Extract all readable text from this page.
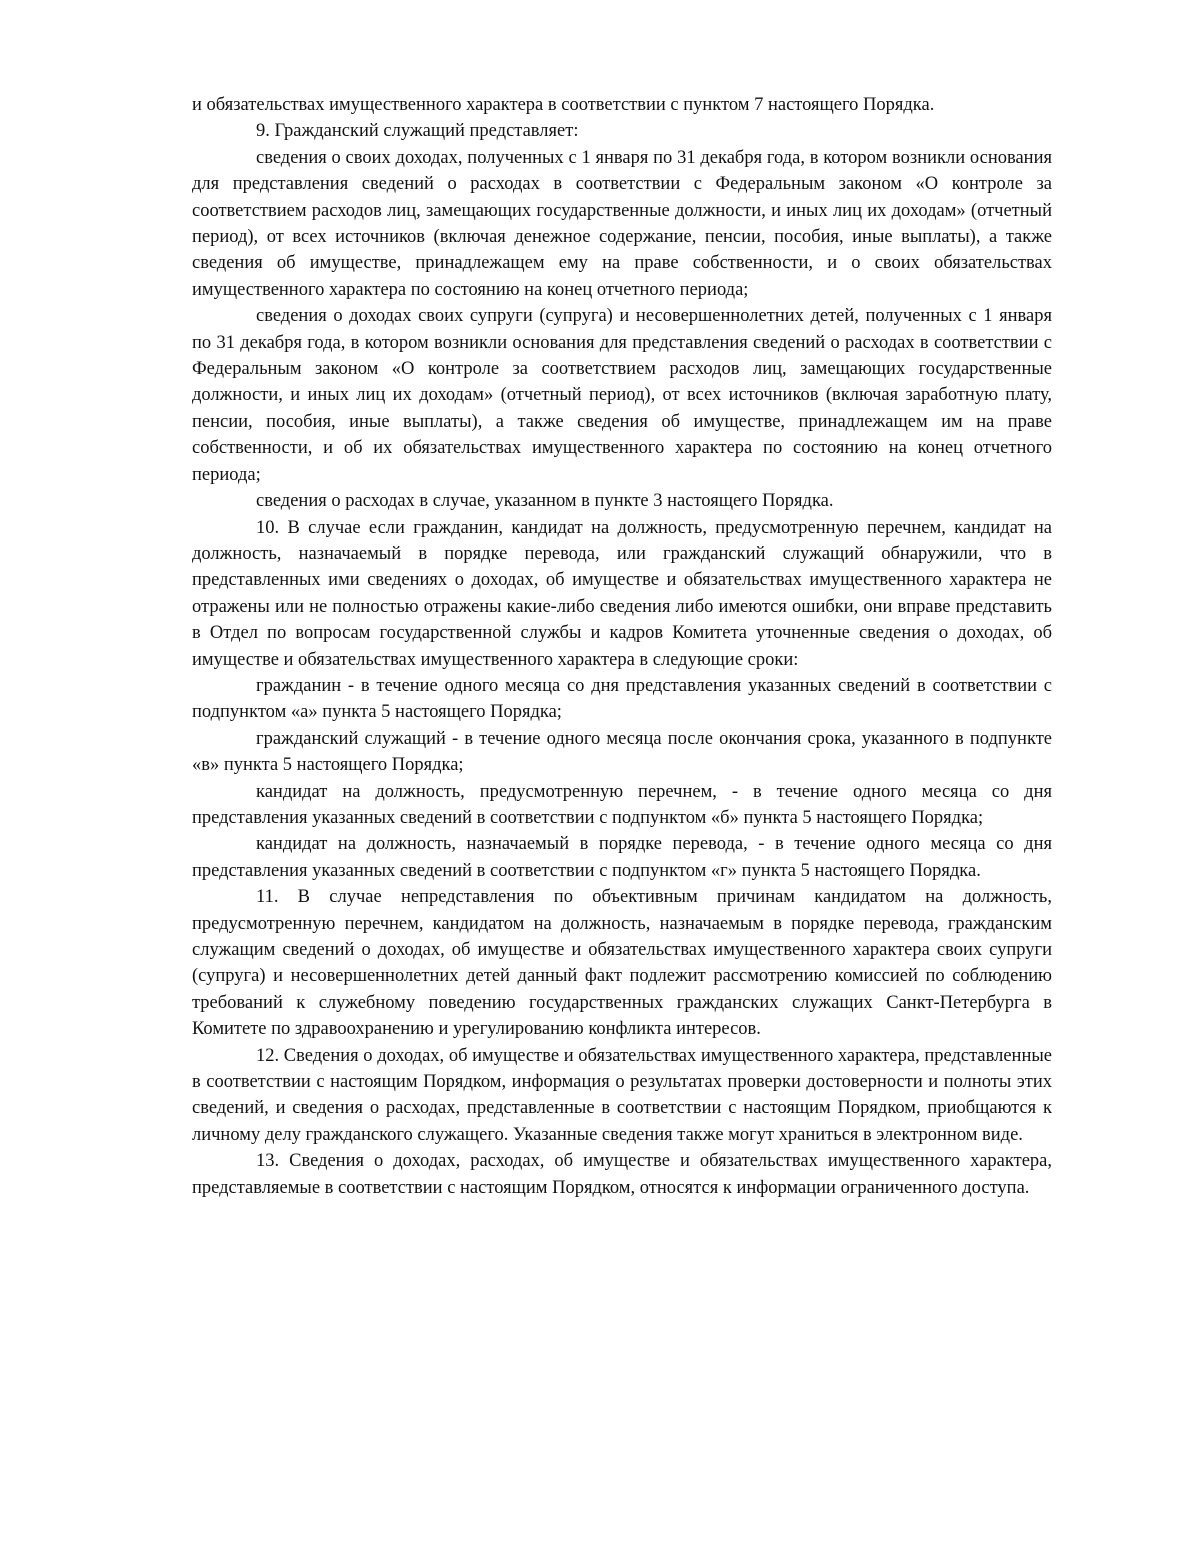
и обязательствах имущественного характера в соответствии с пунктом 7 настоящего Порядка.

9. Гражданский служащий представляет:

сведения о своих доходах, полученных с 1 января по 31 декабря года, в котором возникли основания для представления сведений о расходах в соответствии с Федеральным законом «О контроле за соответствием расходов лиц, замещающих государственные должности, и иных лиц их доходам» (отчетный период), от всех источников (включая денежное содержание, пенсии, пособия, иные выплаты), а также сведения об имуществе, принадлежащем ему на праве собственности, и о своих обязательствах имущественного характера по состоянию на конец отчетного периода;

сведения о доходах своих супруги (супруга) и несовершеннолетних детей, полученных с 1 января по 31 декабря года, в котором возникли основания для представления сведений о расходах в соответствии с Федеральным законом «О контроле за соответствием расходов лиц, замещающих государственные должности, и иных лиц их доходам» (отчетный период), от всех источников (включая заработную плату, пенсии, пособия, иные выплаты), а также сведения об имуществе, принадлежащем им на праве собственности, и об их обязательствах имущественного характера по состоянию на конец отчетного периода;

сведения о расходах в случае, указанном в пункте 3 настоящего Порядка.

10. В случае если гражданин, кандидат на должность, предусмотренную перечнем, кандидат на должность, назначаемый в порядке перевода, или гражданский служащий обнаружили, что в представленных ими сведениях о доходах, об имуществе и обязательствах имущественного характера не отражены или не полностью отражены какие-либо сведения либо имеются ошибки, они вправе представить в Отдел по вопросам государственной службы и кадров Комитета уточненные сведения о доходах, об имуществе и обязательствах имущественного характера в следующие сроки:

гражданин - в течение одного месяца со дня представления указанных сведений в соответствии с подпунктом «а» пункта 5 настоящего Порядка;

гражданский служащий - в течение одного месяца после окончания срока, указанного в подпункте «в» пункта 5 настоящего Порядка;

кандидат на должность, предусмотренную перечнем, - в течение одного месяца со дня представления указанных сведений в соответствии с подпунктом «б» пункта 5 настоящего Порядка;

кандидат на должность, назначаемый в порядке перевода, - в течение одного месяца со дня представления указанных сведений в соответствии с подпунктом «г» пункта 5 настоящего Порядка.

11. В случае непредставления по объективным причинам кандидатом на должность, предусмотренную перечнем, кандидатом на должность, назначаемым в порядке перевода, гражданским служащим сведений о доходах, об имуществе и обязательствах имущественного характера своих супруги (супруга) и несовершеннолетних детей данный факт подлежит рассмотрению комиссией по соблюдению требований к служебному поведению государственных гражданских служащих Санкт-Петербурга в Комитете по здравоохранению и урегулированию конфликта интересов.

12. Сведения о доходах, об имуществе и обязательствах имущественного характера, представленные в соответствии с настоящим Порядком, информация о результатах проверки достоверности и полноты этих сведений, и сведения о расходах, представленные в соответствии с настоящим Порядком, приобщаются к личному делу гражданского служащего. Указанные сведения также могут храниться в электронном виде.

13. Сведения о доходах, расходах, об имуществе и обязательствах имущественного характера, представляемые в соответствии с настоящим Порядком, относятся к информации ограниченного доступа.
